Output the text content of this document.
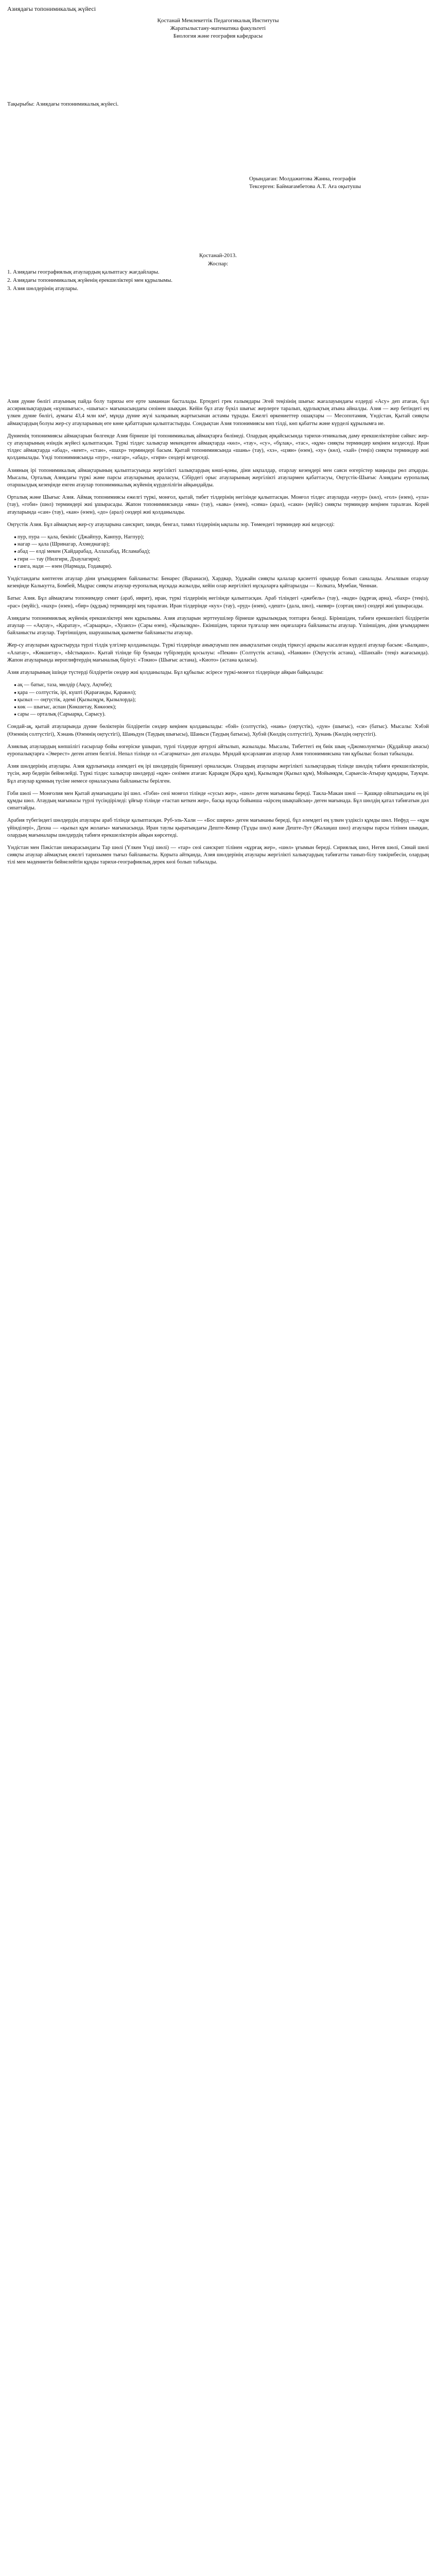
Азиядағы топонимикалық жүйесі
Қостанай Мемлекеттік Педагогикалық Институты
Жаратылыстану-математика факультеті
Биология және география кафедрасы
Тақырыбы: Азиядағы топонимикалық жүйесі.
Орындаған: Молдажитова Жанна, географія
Тексерген: Баймағамбетова А.Т. Аға оқытушы
Қостанай-2013.
Жоспар:
1. Азиядағы географиялық атаулардың қалыптасу жағдайлары.
2. Азиядағы топонимикалық жүйенің ерекшеліктері мен құрылымы.
3. Азия шөлдерінің атаулары.

Азия дүние бөлігі атауының пайда болу тарихы өте ерте заманнан басталады. Ертедегі грек ғалымдары Эгей теңізінің шығыс жағалауындағы елдерді «Асу» деп атаған, бұл ассириялықтардың «күншығыс», «шығыс» мағынасындағы сөзінен шыққан. Кейін бұл атау бүкіл шығыс жерлерге таралып, құрлықтың атына айналды. Азия — жер бетіндегі ең үлкен дүние бөлігі, аумағы 43,4 млн км², мұнда дүние жүзі халқының жартысынан астамы тұрады. Ежелгі өркениеттер ошақтары — Месопотамия, Үндістан, Қытай сияқты аймақтардың болуы жер-су атауларының өте көне қабаттарын қалыптастырды. Сондықтан Азия топонимиясы көп тілді, көп қабатты және күрделі құрылымға ие.

Дүниенің топонимиясы аймақтарын бөлгенде Азия бірнеше ірі топонимикалық аймақтарға бөлінеді. Олардың әрқайсысында тарихи-этникалық даму ерекшеліктеріне сәйкес жер-су атауларының өзіндік жүйесі қалыптасқан. Түркі тілдес халықтар мекендеген аймақтарда «көл», «тау», «су», «бұлақ», «тас», «құм» сияқты терминдер кеңінен кездеседі. Иран тілдес аймақтарда «абад», «кент», «стан», «шахр» терминдері басым. Қытай топонимиясында «шань» (тау), «хэ», «цзян» (өзен), «ху» (көл), «хай» (теңіз) сияқты терминдер жиі қолданылады. Үнді топонимиясында «пур», «нагар», «абад», «гири» сөздері кездеседі.

Азияның ірі топонимикалық аймақтарының қалыптасуында жергілікті халықтардың көші-қоны, діни ықпалдар, отарлау кезеңдері мен саяси өзгерістер маңызды рөл атқарды. Мысалы, Орталық Азиядағы түркі және парсы атауларының араласуы, Сібірдегі орыс атауларының жергілікті атаулармен қабаттасуы, Оңтүстік-Шығыс Азиядағы еуропалық отаршылдық кезеңінде енген атаулар топонимикалық жүйенің күрделілігін айқындайды.

Орталық және Шығыс Азия. Аймақ топонимиясы ежелгі түркі, монғол, қытай, тибет тілдерінің негізінде қалыптасқан. Монғол тілдес атауларда «нуур» (көл), «гол» (өзен), «ула» (тау), «гоби» (шөл) терминдері жиі ұшырасады. Жапон топонимиясында «яма» (тау), «кава» (өзен), «сима» (арал), «саки» (мүйіс) сияқты терминдер кеңінен таралған. Корей атауларында «сан» (тау), «кан» (өзен), «до» (арал) сөздері жиі қолданылады.

Оңтүстік Азия. Бұл аймақтың жер-су атауларына санскрит, хинди, бенгал, тамил тілдерінің ықпалы зор. Төмендегі терминдер жиі кездеседі:

• пур, пура — қала, бекініс (Джайпур, Канпур, Нагпур);
• нагар — қала (Шринагар, Ахмеднагар);
• абад — елді мекен (Хайдарабад, Аллахабад, Исламабад);
• гири — тау (Нилгири, Дхаулагири);
• ганга, нади — өзен (Нармада, Годавари).

Үндістандағы көптеген атаулар діни ұғымдармен байланысты: Бенарес (Варанаси), Хардвар, Удджайн сияқты қалалар қасиетті орындар болып саналады. Ағылшын отарлау кезеңінде Калькутта, Бомбей, Мадрас сияқты атаулар еуропалық нұсқада жазылды, кейін олар жергілікті нұсқаларға қайтарылды — Колката, Мумбаи, Ченнаи.

Батыс Азия. Бұл аймақтағы топонимдер семит (араб, иврит), иран, түркі тілдерінің негізінде қалыптасқан. Араб тіліндегі «джебель» (тау), «вади» (құрғақ арна), «бахр» (теңіз), «рас» (мүйіс), «нахр» (өзен), «бир» (құдық) терминдері кең таралған. Иран тілдерінде «кух» (тау), «руд» (өзен), «дешт» (дала, шөл), «кевир» (сортаң шөл) сөздері жиі ұшырасады.

Азиядағы топонимиялық жүйенің ерекшеліктері мен құрылымы. Азия атауларын зерттеушілер бірнеше құрылымдық топтарға бөледі. Біріншіден, табиғи ерекшелікті білдіретін атаулар — «Ақтау», «Қаратау», «Сарыарқа», «Хуанхэ» (Сары өзен), «Қызылқұм». Екіншіден, тарихи тұлғалар мен оқиғаларға байланысты атаулар. Үшіншіден, діни ұғымдармен байланысты атаулар. Төртіншіден, шаруашылық қызметке байланысты атаулар.

Жер-су атауларын құрастыруда түрлі тілдік үлгілер қолданылады. Түркі тілдерінде анықтауыш пен анықталатын сөздің тіркесуі арқылы жасалған күрделі атаулар басым: «Балқаш», «Алатау», «Көкшетау», «Ыстықкөл». Қытай тілінде бір буынды түбірлердің қосылуы: «Пекин» (Солтүстік астана), «Нанкин» (Оңтүстік астана), «Шанхай» (теңіз жағасында). Жапон атауларында иероглифтердің мағыналық бірігуі: «Токио» (Шығыс астана), «Киото» (астана қаласы).

Азия атауларының ішінде түстерді білдіретін сөздер жиі қолданылады. Бұл құбылыс әсіресе түркі-монғол тілдерінде айқын байқалады:

• ақ — батыс, таза, мөлдір (Ақсу, Ақтөбе);
• қара — солтүстік, ірі, күшті (Қарағанды, Қаракөл);
• қызыл — оңтүстік, әдемі (Қызылқұм, Қызылорда);
• көк — шығыс, аспан (Көкшетау, Көкөзек);
• сары — орталық (Сарыарқа, Сарысу).

Сондай-ақ, қытай атауларында дүние бөліктерін білдіретін сөздер кеңінен қолданылады: «бэй» (солтүстік), «нань» (оңтүстік), «дун» (шығыс), «си» (батыс). Мысалы: Хэбэй (Өзеннің солтүстігі), Хэнань (Өзеннің оңтүстігі), Шаньдун (Таудың шығысы), Шаньси (Таудың батысы), Хубэй (Көлдің солтүстігі), Хунань (Көлдің оңтүстігі).

Азиялық атаулардың көпшілігі ғасырлар бойы өзгеріске ұшырап, түрлі тілдерде әртүрлі айтылып, жазылады. Мысалы, Тибеттегі ең биік шың «Джомолунгма» (Құдайлар анасы) еуропалықтарға «Эверест» деген атпен белгілі. Непал тілінде ол «Сагарматха» деп аталады. Мұндай қосарланған атаулар Азия топонимиясына тән құбылыс болып табылады.

Азия шөлдерінің атаулары. Азия құрлығында әлемдегі ең ірі шөлдердің бірнешеуі орналасқан. Олардың атаулары жергілікті халықтардың тілінде шөлдің табиғи ерекшеліктерін, түсін, жер бедерін бейнелейді. Түркі тілдес халықтар шөлдерді «құм» сөзімен атаған: Қарақұм (Қара құм), Қызылқұм (Қызыл құм), Мойынқұм, Сарыесік-Атырау құмдары, Таукұм. Бұл атаулар құмның түсіне немесе орналасуына байланысты берілген.

Гоби шөлі — Монғолия мен Қытай аумағындағы ірі шөл. «Гоби» сөзі монғол тілінде «сусыз жер», «шөл» деген мағынаны береді. Такла-Макан шөлі — Қашқар ойпатындағы ең ірі құмды шөл. Атаудың мағынасы түрлі түсіндіріледі: ұйғыр тілінде «тастап кеткен жер», басқа нұсқа бойынша «кірсең шықпайсың» деген мағынада. Бұл шөлдің қатал табиғатын дәл сипаттайды.

Арабия түбегіндегі шөлдердің атаулары араб тілінде қалыптасқан. Руб-эль-Хали — «Бос ширек» деген мағынаны береді, бұл әлемдегі ең үлкен үздіксіз құмды шөл. Нефуд — «құм үйінділері», Дехна — «қызыл құм жолағы» мағынасында. Иран таулы қыратындағы Деште-Кевир (Тұзды шөл) және Деште-Лут (Жалаңаш шөл) атаулары парсы тілінен шыққан, олардың мағыналары шөлдердің табиғи ерекшеліктерін айқын көрсетеді.

Үндістан мен Пәкістан шекарасындағы Тар шөлі (Үлкен Үнді шөлі) — «тар» сөзі санскрит тілінен «құрғақ жер», «шөл» ұғымын береді. Сириялық шөл, Негев шөлі, Синай шөлі сияқты атаулар аймақтың ежелгі тарихымен тығыз байланысты. Қорыта айтқанда, Азия шөлдерінің атаулары жергілікті халықтардың табиғатты танып-білу тәжірибесін, олардың тілі мен мәдениетін бейнелейтін құнды тарихи-географиялық дерек көзі болып табылады.
